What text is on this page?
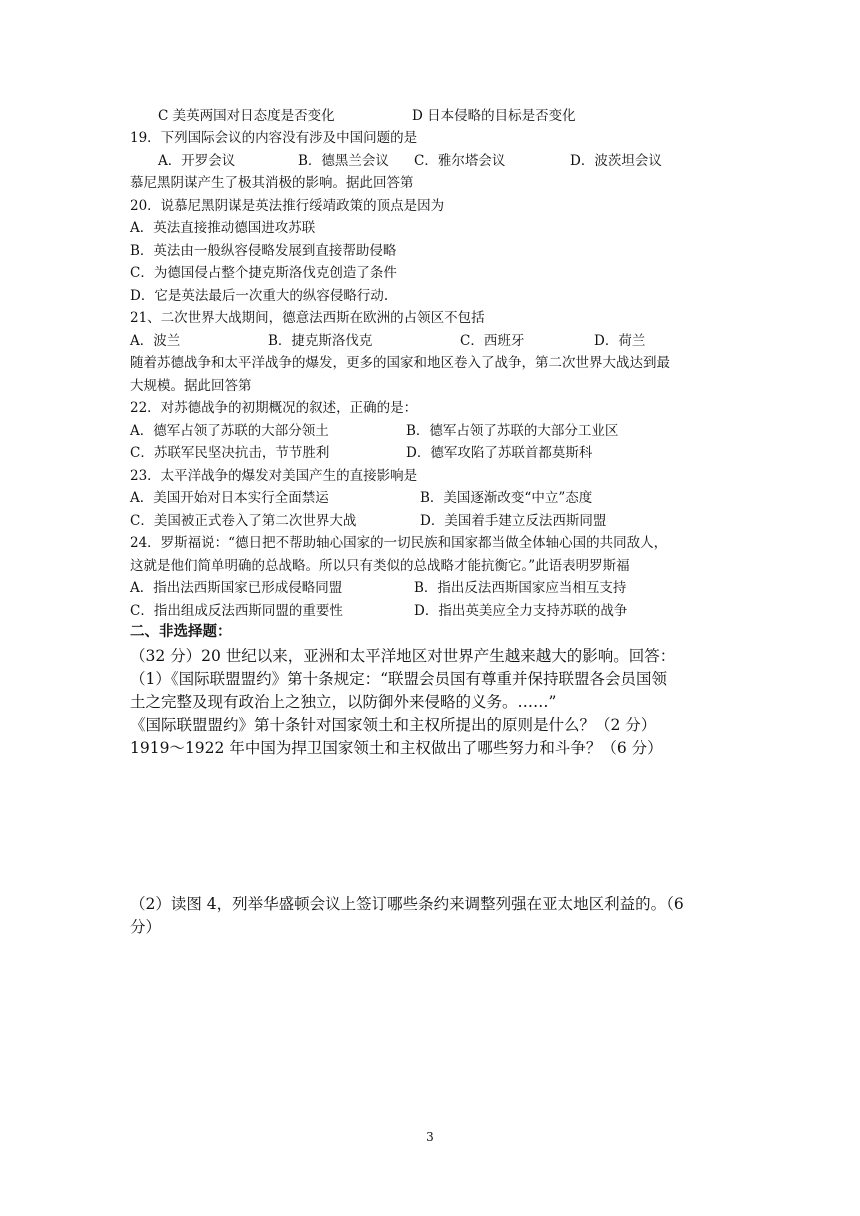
C 美英两国对日态度是否变化	D 日本侵略的目标是否变化
19．下列国际会议的内容没有涉及中国问题的是
A．开罗会议	B．德黑兰会议 C．雅尔塔会议	D．波茨坦会议
慕尼黑阴谋产生了极其消极的影响。据此回答第
20．说慕尼黑阴谋是英法推行绥靖政策的顶点是因为
A．英法直接推动德国进攻苏联
B．英法由一般纵容侵略发展到直接帮助侵略
C．为德国侵占整个捷克斯洛伐克创造了条件
D．它是英法最后一次重大的纵容侵略行动.
21、二次世界大战期间，德意法西斯在欧洲的占领区不包括
A．波兰	B．捷克斯洛伐克	C．西班牙	D．荷兰
随着苏德战争和太平洋战争的爆发，更多的国家和地区卷入了战争，第二次世界大战达到最
大规模。据此回答第
22．对苏德战争的初期概况的叙述，正确的是：
A．德军占领了苏联的大部分领土	B．德军占领了苏联的大部分工业区
C．苏联军民坚决抗击，节节胜利	D．德军攻陷了苏联首都莫斯科
23．太平洋战争的爆发对美国产生的直接影响是
A．美国开始对日本实行全面禁运	B．美国逐渐改变“中立”态度
C．美国被正式卷入了第二次世界大战	D．美国着手建立反法西斯同盟
24．罗斯福说：“德日把不帮助轴心国家的一切民族和国家都当做全体轴心国的共同敌人，
这就是他们简单明确的总战略。所以只有类似的总战略才能抗衡它。”此语表明罗斯福
A．指出法西斯国家已形成侵略同盟	B．指出反法西斯国家应当相互支持
C．指出组成反法西斯同盟的重要性	D．指出英美应全力支持苏联的战争
二、非选择题：
（32 分）20 世纪以来，亚洲和太平洋地区对世界产生越来越大的影响。回答：
（1）《国际联盟盟约》第十条规定：“联盟会员国有尊重并保持联盟各会员国领
土之完整及现有政治上之独立，以防御外来侵略的义务。……”
《国际联盟盟约》第十条针对国家领土和主权所提出的原则是什么？（2 分）
1919～1922 年中国为捍卫国家领土和主权做出了哪些努力和斗争？（6 分）
（2）读图 4，列举华盛顿会议上签订哪些条约来调整列强在亚太地区利益的。（6
分）
3
